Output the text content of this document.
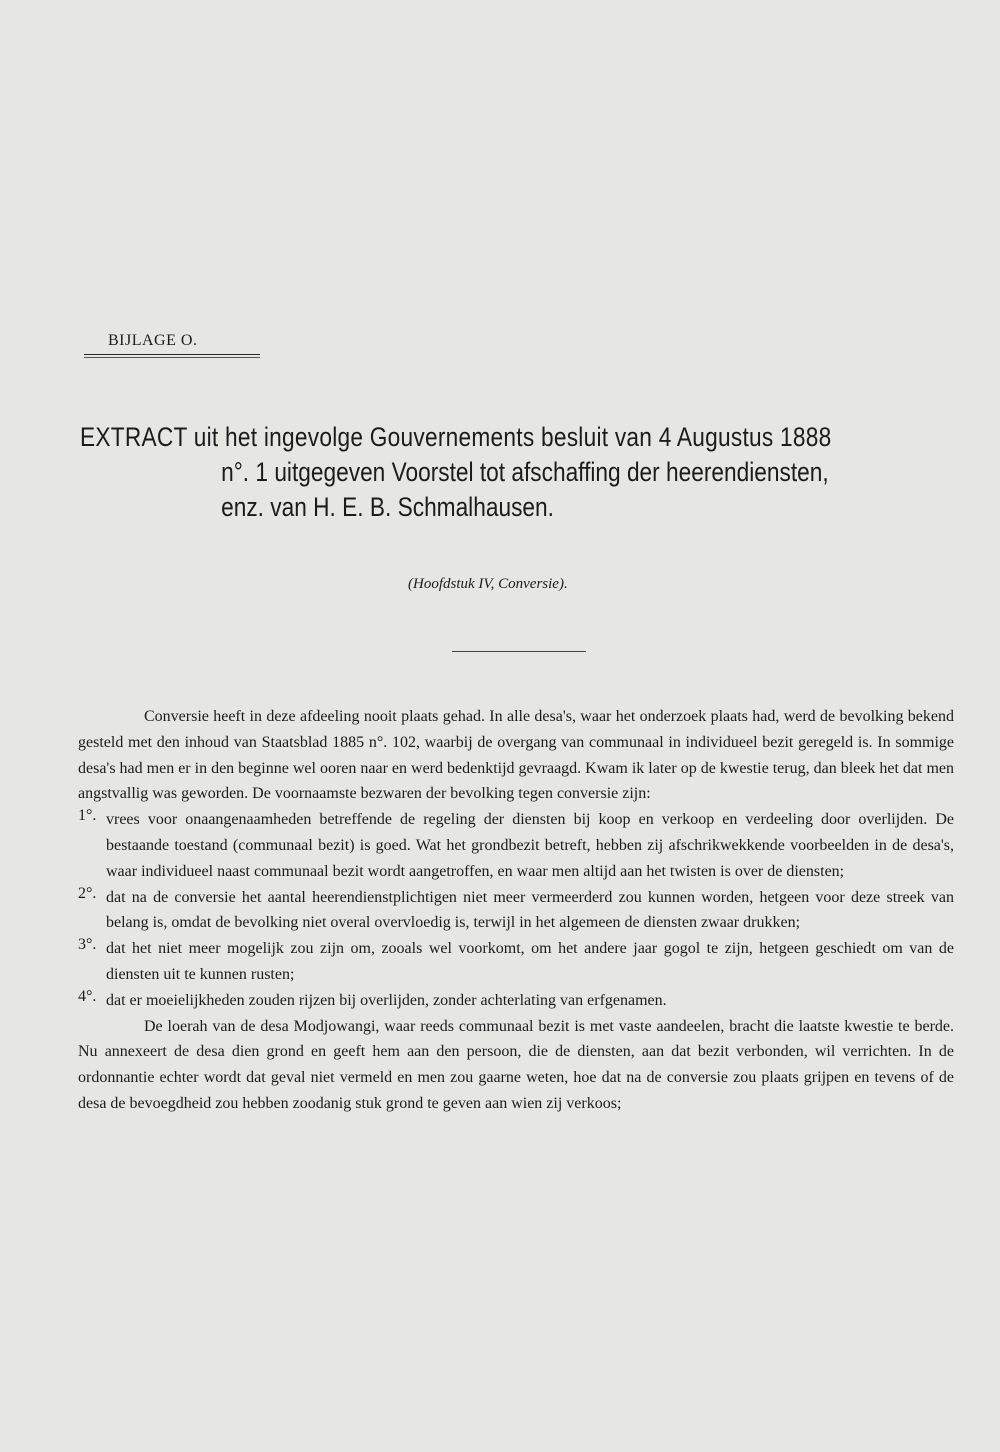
BIJLAGE O.
EXTRACT uit het ingevolge Gouvernements besluit van 4 Augustus 1888
n°. 1 uitgegeven Voorstel tot afschaffing der heerendiensten,
enz. van H. E. B. Schmalhausen.

(Hoofdstuk IV, Conversie).

Conversie heeft in deze afdeeling nooit plaats gehad. In alle desa's, waar het onderzoek plaats had, werd de bevolking bekend gesteld met den inhoud van Staatsblad 1885 n°. 102, waarbij de overgang van communaal in individueel bezit geregeld is. In sommige desa's had men er in den beginne wel ooren naar en werd bedenktijd gevraagd. Kwam ik later op de kwestie terug, dan bleek het dat men angstvallig was geworden. De voornaamste bezwaren der bevolking tegen conversie zijn:

1°. vrees voor onaangenaamheden betreffende de regeling der diensten bij koop en verkoop en verdeeling door overlijden. De bestaande toestand (communaal bezit) is goed. Wat het grondbezit betreft, hebben zij afschrikwekkende voorbeelden in de desa's, waar individueel naast communaal bezit wordt aangetroffen, en waar men altijd aan het twisten is over de diensten;

2°. dat na de conversie het aantal heerendienstplichtigen niet meer vermeerderd zou kunnen worden, hetgeen voor deze streek van belang is, omdat de bevolking niet overal overvloedig is, terwijl in het algemeen de diensten zwaar drukken;

3°. dat het niet meer mogelijk zou zijn om, zooals wel voorkomt, om het andere jaar gogol te zijn, hetgeen geschiedt om van de diensten uit te kunnen rusten;

4°. dat er moeielijkheden zouden rijzen bij overlijden, zonder achterlating van erfgenamen.

De loerah van de desa Modjowangi, waar reeds communaal bezit is met vaste aandeelen, bracht die laatste kwestie te berde. Nu annexeert de desa dien grond en geeft hem aan den persoon, die de diensten, aan dat bezit verbonden, wil verrichten. In de ordonnantie echter wordt dat geval niet vermeld en men zou gaarne weten, hoe dat na de conversie zou plaats grijpen en tevens of de desa de bevoegdheid zou hebben zoodanig stuk grond te geven aan wien zij verkoos;
